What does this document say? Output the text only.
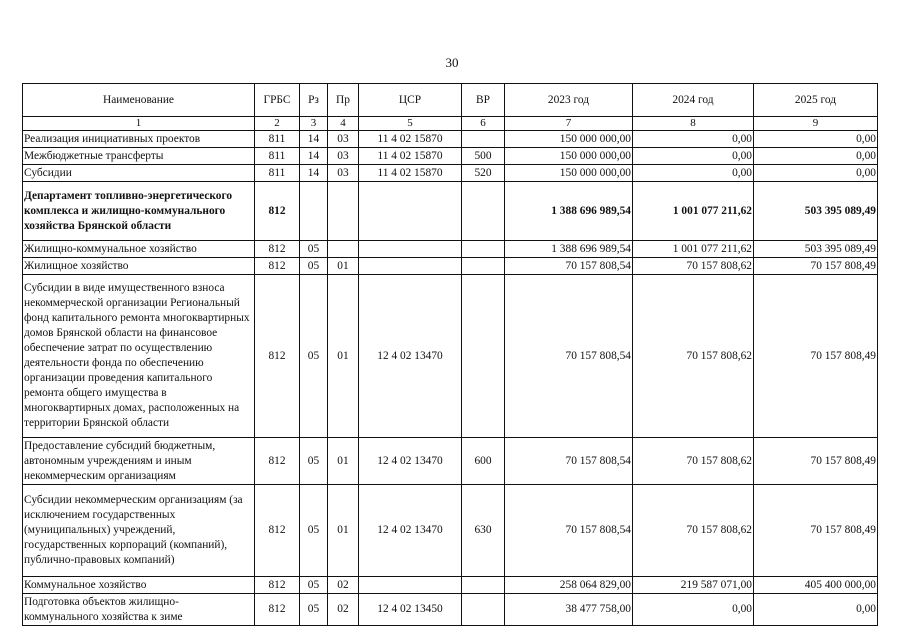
30
Наименование	ГРБС	Рз	Пр	ЦСР	ВР	2023 год	2024 год	2025 год
1	2	3	4	5	6	7	8	9
Реализация инициативных проектов	811	14	03	11 4 02 15870		150 000 000,00	0,00	0,00
Межбюджетные трансферты	811	14	03	11 4 02 15870	500	150 000 000,00	0,00	0,00
Субсидии	811	14	03	11 4 02 15870	520	150 000 000,00	0,00	0,00
Департамент топливно-энергетического комплекса и жилищно-коммунального хозяйства Брянской области	812					1 388 696 989,54	1 001 077 211,62	503 395 089,49
Жилищно-коммунальное хозяйство	812	05				1 388 696 989,54	1 001 077 211,62	503 395 089,49
Жилищное хозяйство	812	05	01			70 157 808,54	70 157 808,62	70 157 808,49
Субсидии в виде имущественного взноса некоммерческой организации Региональный фонд капитального ремонта многоквартирных домов Брянской области на финансовое обеспечение затрат по осуществлению деятельности фонда по обеспечению организации проведения капитального ремонта общего имущества в многоквартирных домах, расположенных на территории Брянской области	812	05	01	12 4 02 13470		70 157 808,54	70 157 808,62	70 157 808,49
Предоставление субсидий бюджетным, автономным учреждениям и иным некоммерческим организациям	812	05	01	12 4 02 13470	600	70 157 808,54	70 157 808,62	70 157 808,49
Субсидии некоммерческим организациям (за исключением государственных (муниципальных) учреждений, государственных корпораций (компаний), публично-правовых компаний)	812	05	01	12 4 02 13470	630	70 157 808,54	70 157 808,62	70 157 808,49
Коммунальное хозяйство	812	05	02			258 064 829,00	219 587 071,00	405 400 000,00
Подготовка объектов жилищно-коммунального хозяйства к зиме	812	05	02	12 4 02 13450		38 477 758,00	0,00	0,00
